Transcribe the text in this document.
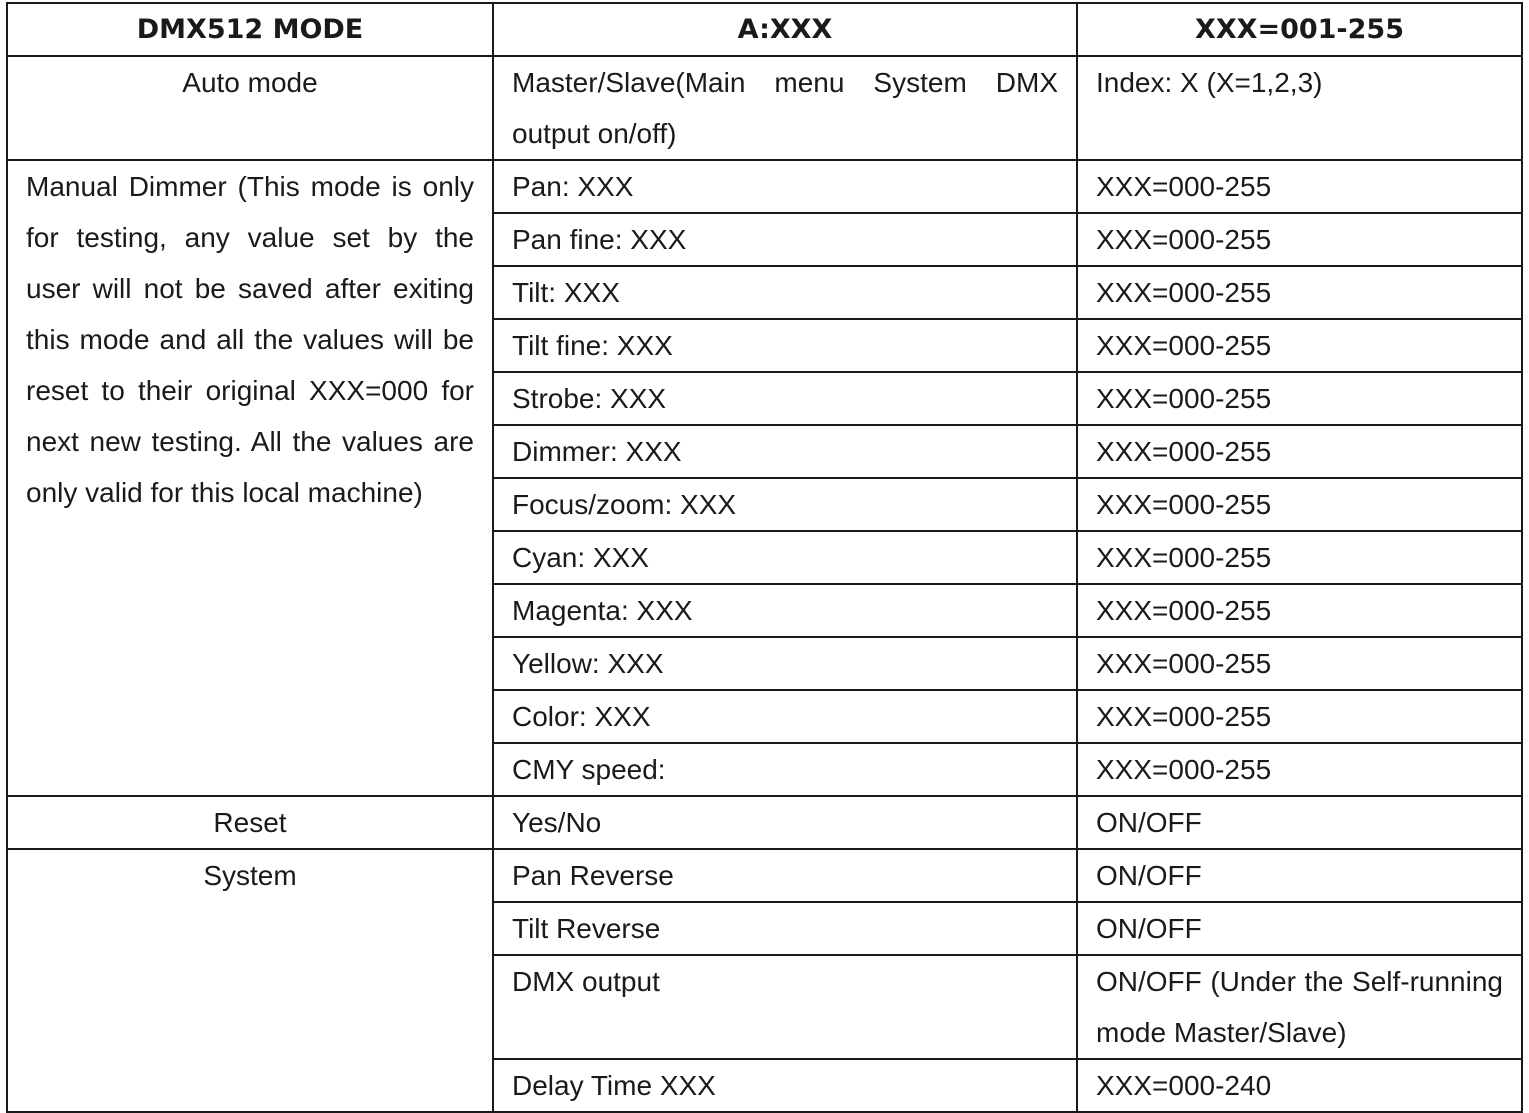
DMX512 MODE	A:XXX	XXX=001-255
Auto mode	Master/Slave(Main menu System DMX output on/off)	Index: X (X=1,2,3)
Manual Dimmer (This mode is only for testing, any value set by the user will not be saved after exiting this mode and all the values will be reset to their original XXX=000 for next new testing. All the values are only valid for this local machine)	Pan: XXX	XXX=000-255
	Pan fine: XXX	XXX=000-255
	Tilt: XXX	XXX=000-255
	Tilt fine: XXX	XXX=000-255
	Strobe: XXX	XXX=000-255
	Dimmer: XXX	XXX=000-255
	Focus/zoom: XXX	XXX=000-255
	Cyan: XXX	XXX=000-255
	Magenta: XXX	XXX=000-255
	Yellow: XXX	XXX=000-255
	Color: XXX	XXX=000-255
	CMY speed:	XXX=000-255
Reset	Yes/No	ON/OFF
System	Pan Reverse	ON/OFF
	Tilt Reverse	ON/OFF
	DMX output	ON/OFF (Under the Self-running mode Master/Slave)
	Delay Time XXX	XXX=000-240
